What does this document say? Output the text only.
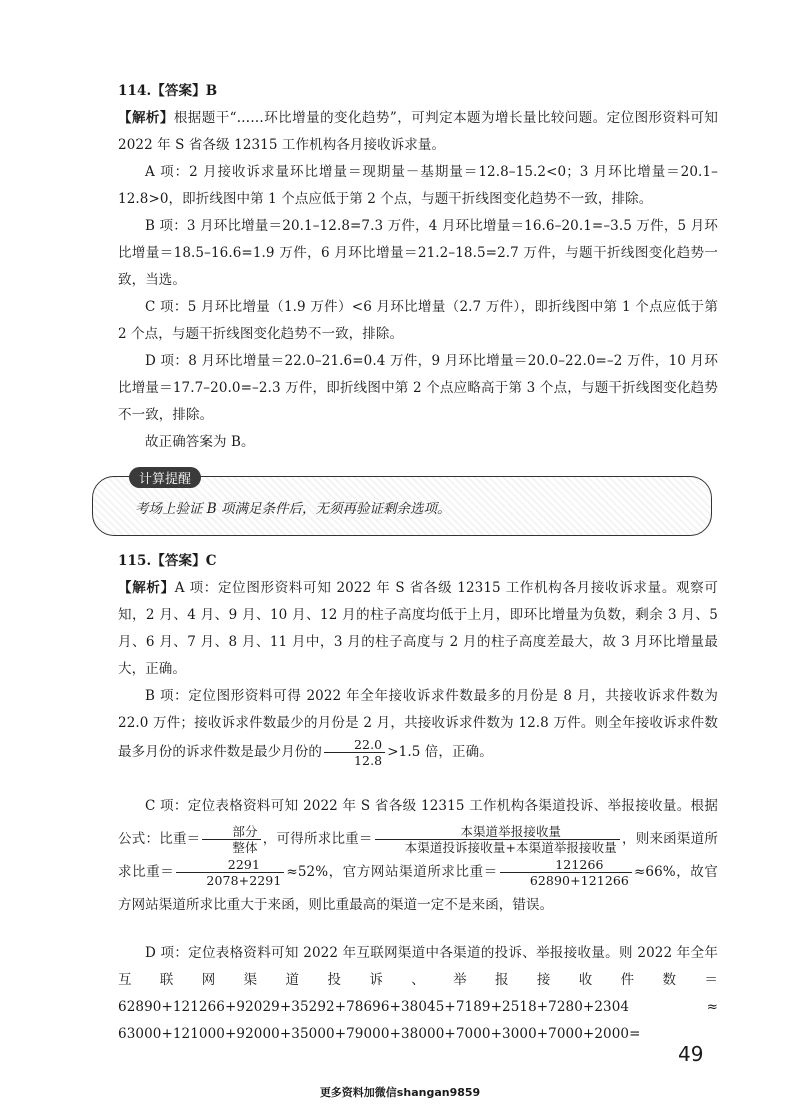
114.【答案】B

【解析】根据题干“……环比增量的变化趋势”，可判定本题为增长量比较问题。定位图形资料可知 2022 年 S 省各级 12315 工作机构各月接收诉求量。

A 项：2 月接收诉求量环比增量＝现期量－基期量＝12.8–15.2<0；3 月环比增量＝20.1–12.8>0，即折线图中第 1 个点应低于第 2 个点，与题干折线图变化趋势不一致，排除。

B 项：3 月环比增量＝20.1–12.8=7.3 万件，4 月环比增量＝16.6–20.1=–3.5 万件，5 月环比增量＝18.5–16.6=1.9 万件，6 月环比增量＝21.2–18.5=2.7 万件，与题干折线图变化趋势一致，当选。

C 项：5 月环比增量（1.9 万件）<6 月环比增量（2.7 万件），即折线图中第 1 个点应低于第 2 个点，与题干折线图变化趋势不一致，排除。

D 项：8 月环比增量＝22.0–21.6=0.4 万件，9 月环比增量＝20.0–22.0=–2 万件，10 月环比增量＝17.7–20.0=–2.3 万件，即折线图中第 2 个点应略高于第 3 个点，与题干折线图变化趋势不一致，排除。

故正确答案为 B。

计算提醒
考场上验证 B 项满足条件后，无须再验证剩余选项。
115.【答案】C

【解析】A 项：定位图形资料可知 2022 年 S 省各级 12315 工作机构各月接收诉求量。观察可知，2 月、4 月、9 月、10 月、12 月的柱子高度均低于上月，即环比增量为负数，剩余 3 月、5 月、6 月、7 月、8 月、11 月中，3 月的柱子高度与 2 月的柱子高度差最大，故 3 月环比增量最大，正确。

B 项：定位图形资料可得 2022 年全年接收诉求件数最多的月份是 8 月，共接收诉求件数为 22.0 万件；接收诉求件数最少的月份是 2 月，共接收诉求件数为 12.8 万件。则全年接收诉求件数最多月份的诉求件数是最少月份的 $\frac{22.0}{12.8} >1.5$ 倍，正确。

C 项：定位表格资料可知 2022 年 S 省各级 12315 工作机构各渠道投诉、举报接收量。根据公式：比重＝ $\frac{\text{部分}}{\text{整体}}$ ，可得所求比重＝ $\frac{\text{本渠道举报接收量}}{\text{本渠道投诉接收量+本渠道举报接收量}}$ ，则来函渠道所求比重＝ $\frac{2291}{2078+2291} \approx 52\%$，官方网站渠道所求比重＝ $\frac{121266}{62890+121266} \approx 66\%$，故官方网站渠道所求比重大于来函，则比重最高的渠道一定不是来函，错误。

D 项：定位表格资料可知 2022 年互联网渠道中各渠道的投诉、举报接收量。则 2022 年全年互联网渠道投诉、举报接收件数＝62890+121266+92029+35292+78696+38045+7189+2518+7280+2304 ≈ 63000+121000+92000+35000+79000+38000+7000+3000+7000+2000=

49
更多资料加微信shangan9859
